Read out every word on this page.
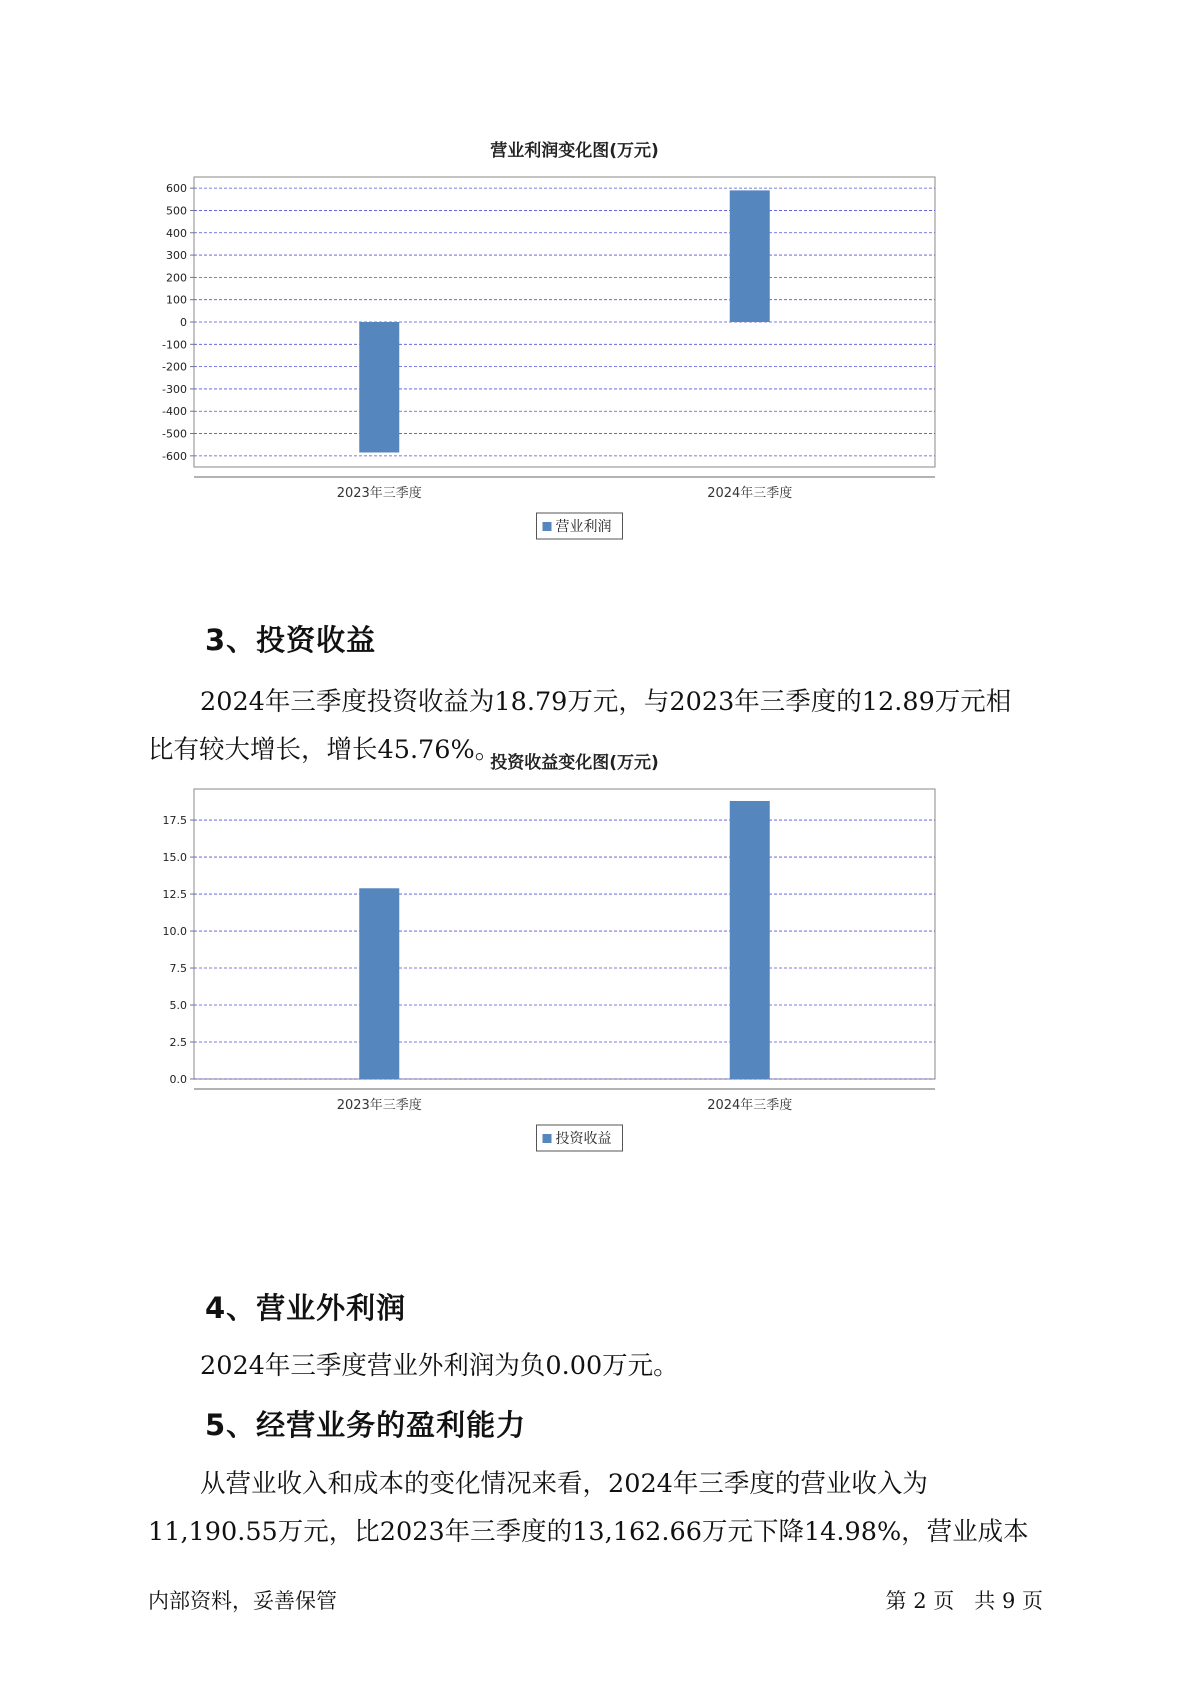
营业利润变化图(万元)
600
500
400
300
200
100
0
-100
-200
-300
-400
-500
-600
2023年三季度	2024年三季度
营业利润
投资收益变化图(万元)
0.0
2.5
5.0
7.5
10.0
12.5
15.0
17.5
2023年三季度	2024年三季度
投资收益
3、投资收益
2024年三季度投资收益为18.79万元，与2023年三季度的12.89万元相
比有较大增长，增长45.76%。
4、营业外利润
2024年三季度营业外利润为负0.00万元。
5、经营业务的盈利能力
从营业收入和成本的变化情况来看，2024年三季度的营业收入为
11,190.55万元，比2023年三季度的13,162.66万元下降14.98%，营业成本
内部资料，妥善保管	第 2 页   共 9 页
